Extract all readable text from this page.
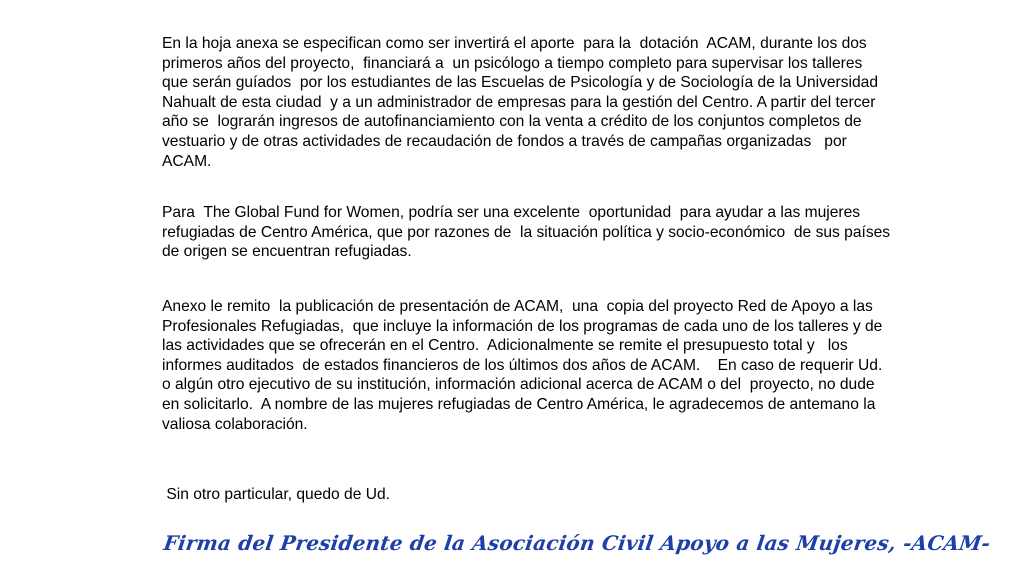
En la hoja anexa se especifican como ser invertirá el aporte  para la  dotación  ACAM, durante los dos primeros años del proyecto,  financiará a  un psicólogo a tiempo completo para supervisar los talleres que serán guíados  por los estudiantes de las Escuelas de Psicología y de Sociología de la Universidad  Nahualt de esta ciudad  y a un administrador de empresas para la gestión del Centro. A partir del tercer año se  lograrán ingresos de autofinanciamiento con la venta a crédito de los conjuntos completos de vestuario y de otras actividades de recaudación de fondos a través de campañas organizadas   por ACAM.

Para  The Global Fund for Women, podría ser una excelente  oportunidad  para ayudar a las mujeres refugiadas de Centro América, que por razones de  la situación política y socio-económico  de sus países de origen se encuentran refugiadas.

Anexo le remito  la publicación de presentación de ACAM,  una  copia del proyecto Red de Apoyo a las Profesionales Refugiadas,  que incluye la información de los programas de cada uno de los talleres y de las actividades que se ofrecerán en el Centro.  Adicionalmente se remite el presupuesto total y   los informes auditados  de estados financieros de los últimos dos años de ACAM.    En caso de requerir Ud. o algún otro ejecutivo de su institución, información adicional acerca de ACAM o del  proyecto, no dude en solicitarlo.  A nombre de las mujeres refugiadas de Centro América, le agradecemos de antemano la valiosa colaboración.

Sin otro particular, quedo de Ud.

Firma del Presidente de la Asociación Civil Apoyo a las Mujeres, -ACAM-
